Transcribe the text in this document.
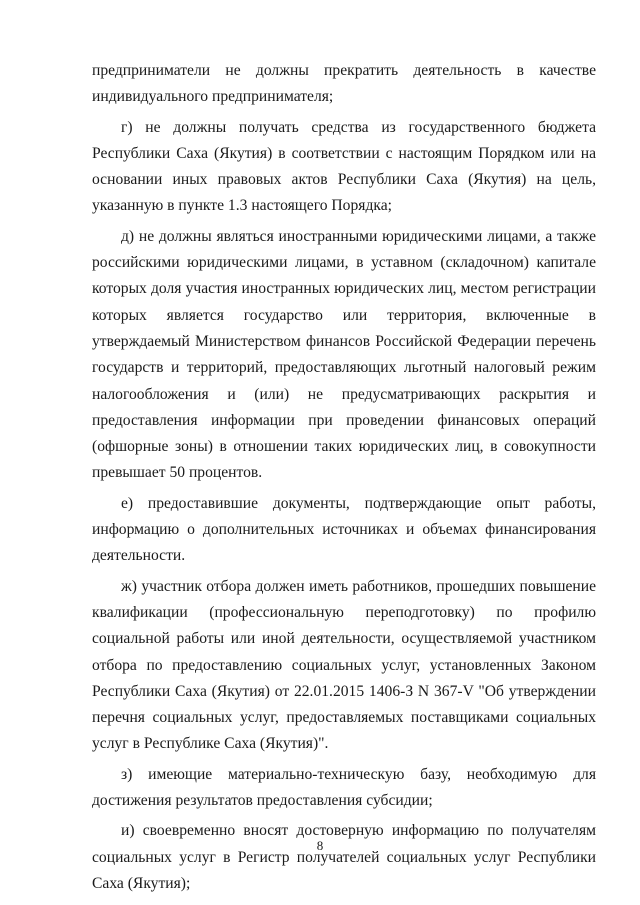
предприниматели не должны прекратить деятельность в качестве индивидуального предпринимателя;

г) не должны получать средства из государственного бюджета Республики Саха (Якутия) в соответствии с настоящим Порядком или на основании иных правовых актов Республики Саха (Якутия) на цель, указанную в пункте 1.3 настоящего Порядка;

д) не должны являться иностранными юридическими лицами, а также российскими юридическими лицами, в уставном (складочном) капитале которых доля участия иностранных юридических лиц, местом регистрации которых является государство или территория, включенные в утверждаемый Министерством финансов Российской Федерации перечень государств и территорий, предоставляющих льготный налоговый режим налогообложения и (или) не предусматривающих раскрытия и предоставления информации при проведении финансовых операций (офшорные зоны) в отношении таких юридических лиц, в совокупности превышает 50 процентов.

е) предоставившие документы, подтверждающие опыт работы, информацию о дополнительных источниках и объемах финансирования деятельности.

ж) участник отбора должен иметь работников, прошедших повышение квалификации (профессиональную переподготовку) по профилю социальной работы или иной деятельности, осуществляемой участником отбора по предоставлению социальных услуг, установленных Законом Республики Саха (Якутия) от 22.01.2015 1406-З N 367-V "Об утверждении перечня социальных услуг, предоставляемых поставщиками социальных услуг в Республике Саха (Якутия)".

з) имеющие материально-техническую базу, необходимую для достижения результатов предоставления субсидии;

и) своевременно вносят достоверную информацию по получателям социальных услуг в Регистр получателей социальных услуг Республики Саха (Якутия);

8
